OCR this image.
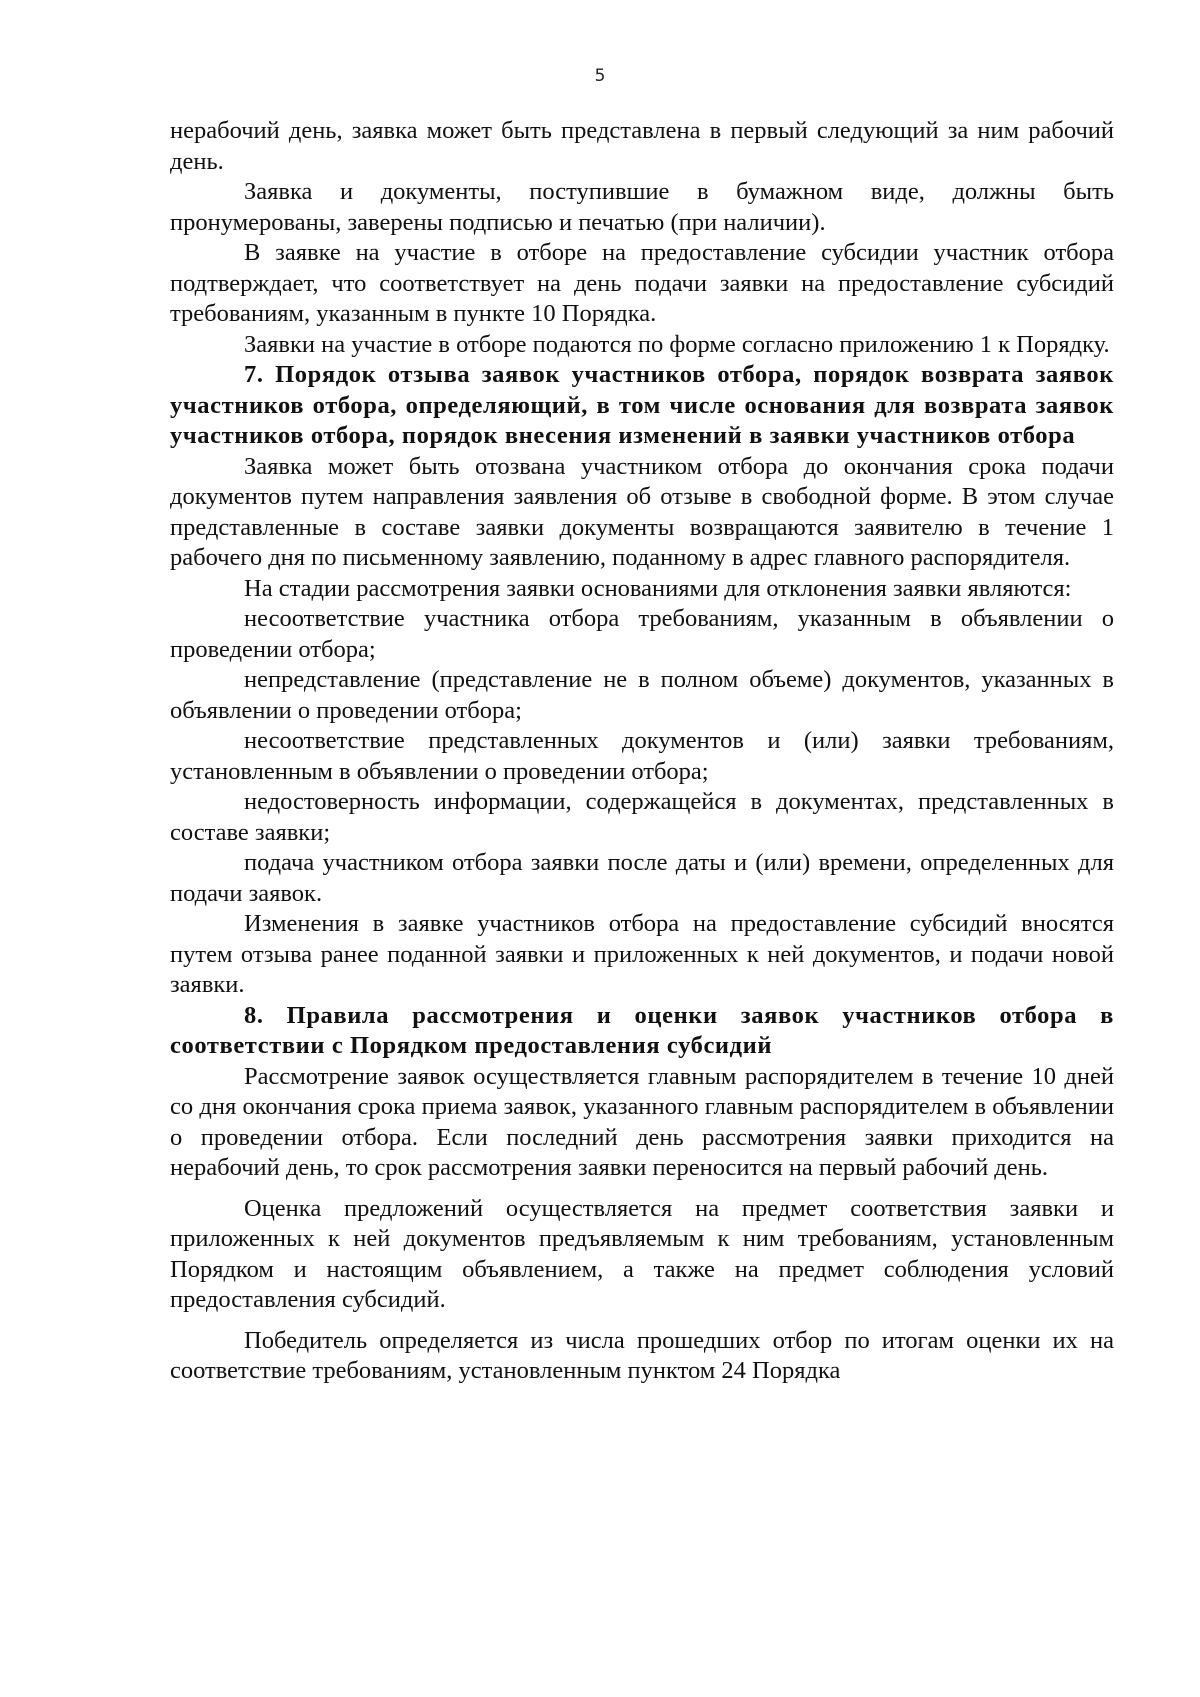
5

нерабочий день, заявка может быть представлена в первый следующий за ним рабочий день.

Заявка и документы, поступившие в бумажном виде, должны быть пронумерованы, заверены подписью и печатью (при наличии).

В заявке на участие в отборе на предоставление субсидии участник отбора подтверждает, что соответствует на день подачи заявки на предоставление субсидий требованиям, указанным в пункте 10 Порядка.

Заявки на участие в отборе подаются по форме согласно приложению 1 к Порядку.

7. Порядок отзыва заявок участников отбора, порядок возврата заявок участников отбора, определяющий, в том числе основания для возврата заявок участников отбора, порядок внесения изменений в заявки участников отбора

Заявка может быть отозвана участником отбора до окончания срока подачи документов путем направления заявления об отзыве в свободной форме. В этом случае представленные в составе заявки документы возвращаются заявителю в течение 1 рабочего дня по письменному заявлению, поданному в адрес главного распорядителя.

На стадии рассмотрения заявки основаниями для отклонения заявки являются:

несоответствие участника отбора требованиям, указанным в объявлении о проведении отбора;

непредставление (представление не в полном объеме) документов, указанных в объявлении о проведении отбора;

несоответствие представленных документов и (или) заявки требованиям, установленным в объявлении о проведении отбора;

недостоверность информации, содержащейся в документах, представленных в составе заявки;

подача участником отбора заявки после даты и (или) времени, определенных для подачи заявок.

Изменения в заявке участников отбора на предоставление субсидий вносятся путем отзыва ранее поданной заявки и приложенных к ней документов, и подачи новой заявки.

8. Правила рассмотрения и оценки заявок участников отбора в соответствии с Порядком предоставления субсидий

Рассмотрение заявок осуществляется главным распорядителем в течение 10 дней со дня окончания срока приема заявок, указанного главным распорядителем в объявлении о проведении отбора. Если последний день рассмотрения заявки приходится на нерабочий день, то срок рассмотрения заявки переносится на первый рабочий день.

Оценка предложений осуществляется на предмет соответствия заявки и приложенных к ней документов предъявляемым к ним требованиям, установленным Порядком и настоящим объявлением, а также на предмет соблюдения условий предоставления субсидий.

Победитель определяется из числа прошедших отбор по итогам оценки их на соответствие требованиям, установленным пунктом 24 Порядка
